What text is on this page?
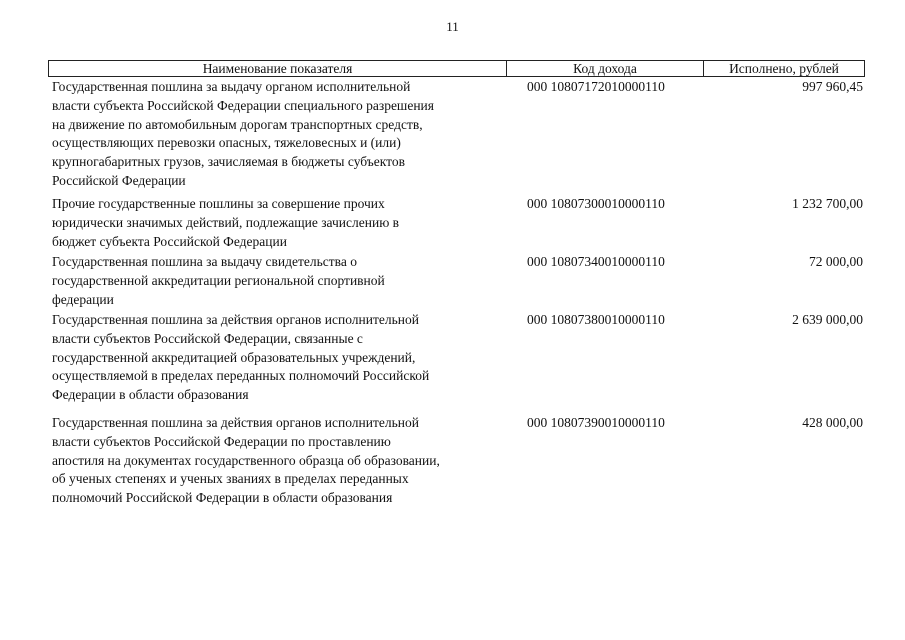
11
Наименование показателя	Код дохода	Исполнено, рублей
Государственная пошлина за выдачу органом исполнительной
власти субъекта Российской Федерации специального разрешения
на движение по автомобильным дорогам транспортных средств,
осуществляющих перевозки опасных, тяжеловесных и (или)
крупногабаритных грузов, зачисляемая в бюджеты субъектов
Российской Федерации
000 10807172010000110	997 960,45
Прочие государственные пошлины за совершение прочих
юридически значимых действий, подлежащие зачислению в
бюджет субъекта Российской Федерации
000 10807300010000110	1 232 700,00
Государственная пошлина за выдачу свидетельства о
государственной аккредитации региональной спортивной
федерации
000 10807340010000110	72 000,00
Государственная пошлина за действия органов исполнительной
власти субъектов Российской Федерации, связанные с
государственной аккредитацией образовательных учреждений,
осуществляемой в пределах переданных полномочий Российской
Федерации в области образования
000 10807380010000110	2 639 000,00
Государственная пошлина за действия органов исполнительной
власти субъектов Российской Федерации по проставлению
апостиля на документах государственного образца об образовании,
об ученых степенях и ученых званиях в пределах переданных
полномочий Российской Федерации в области образования
000 10807390010000110	428 000,00
